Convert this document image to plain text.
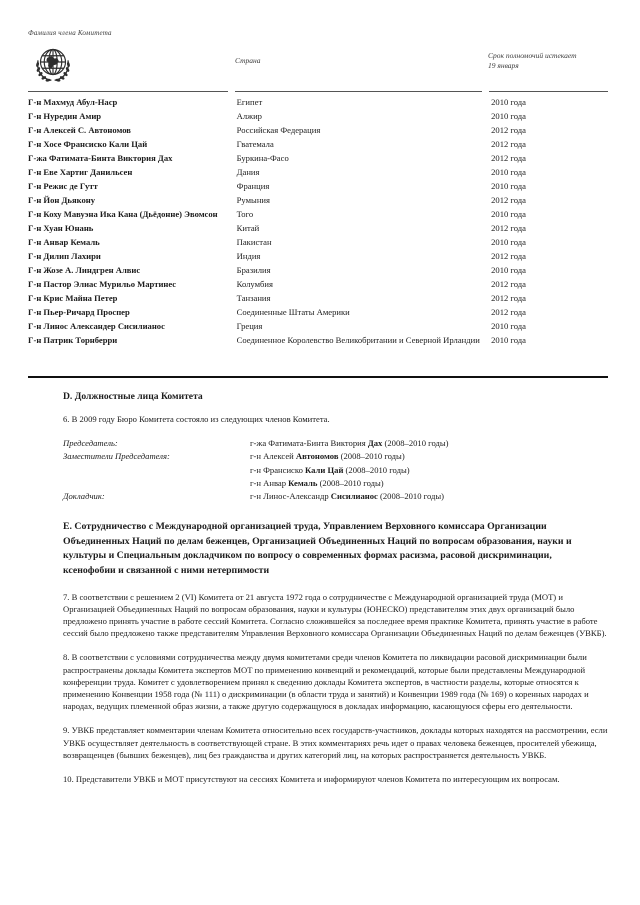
Фамилия члена Комитета
Страна
Срок полномочий истекает
19 января
Г-н Махмуд Абул-Наср	Египет	2010 года
Г-н Нуредин Амир	Алжир	2010 года
Г-н Алексей С. Автономов	Российская Федерация	2012 года
Г-н Хосе Франсиско Кали Цай	Гватемала	2012 года
Г-жа Фатимата-Бинта Виктория Дах	Буркина-Фасо	2012 года
Г-н Еве Хартиг Данильсен	Дания	2010 года
Г-н Режис де Гутт	Франция	2010 года
Г-н Йон Дьякону	Румыния	2012 года
Г-н Коху Мавуэна Ика Кана (Дьёдонне) Эвомсон	Того	2010 года
Г-н Хуан Юнань	Китай	2012 года
Г-н Анвар Кемаль	Пакистан	2010 года
Г-н Дилип Лахири	Индия	2012 года
Г-н Жозе А. Линдгрен Алвис	Бразилия	2010 года
Г-н Пастор Элиас Мурильо Мартинес	Колумбия	2012 года
Г-н Крис Майна Петер	Танзания	2012 года
Г-н Пьер-Ричард Проспер	Соединенные Штаты Америки	2012 года
Г-н Линос Александер Сисилианос	Греция	2010 года
Г-н Патрик Торнберри	Соединенное Королевство Великобритании и Северной Ирландии	2010 года
D. Должностные лица Комитета
6. В 2009 году Бюро Комитета состояло из следующих членов Комитета.
Председатель:	г-жа Фатимата-Бинта Виктория Дах (2008–2010 годы)
Заместители Председателя:	г-н Алексей Автономов (2008–2010 годы)
г-н Франсиско Кали Цай (2008–2010 годы)
г-н Анвар Кемаль (2008–2010 годы)
Докладчик:	г-н Линос-Александр Сисилианос (2008–2010 годы)
E. Сотрудничество с Международной организацией труда, Управлением Верховного комиссара Организации Объединенных Наций по делам беженцев, Организацией Объединенных Наций по вопросам образования, науки и культуры и Специальным докладчиком по вопросу о современных формах расизма, расовой дискриминации, ксенофобии и связанной с ними нетерпимости
7. В соответствии с решением 2 (VI) Комитета от 21 августа 1972 года о сотрудничестве с Международной организацией труда (МОТ) и Организацией Объединенных Наций по вопросам образования, науки и культуры (ЮНЕСКО) представителям этих двух организаций было предложено принять участие в работе сессий Комитета. Согласно сложившейся за последнее время практике Комитета, принять участие в работе сессий было предложено также представителям Управления Верховного комиссара Организации Объединенных Наций по делам беженцев (УВКБ).
8. В соответствии с условиями сотрудничества между двумя комитетами среди членов Комитета по ликвидации расовой дискриминации были распространены доклады Комитета экспертов МОТ по применению конвенций и рекомендаций, которые были представлены Международной конференции труда. Комитет с удовлетворением принял к сведению доклады Комитета экспертов, в частности разделы, которые относятся к применению Конвенции 1958 года (№ 111) о дискриминации (в области труда и занятий) и Конвенции 1989 года (№ 169) о коренных народах и народах, ведущих племенной образ жизни, а также другую содержащуюся в докладах информацию, касающуюся сферы его деятельности.
9. УВКБ представляет комментарии членам Комитета относительно всех государств-участников, доклады которых находятся на рассмотрении, если УВКБ осуществляет деятельность в соответствующей стране. В этих комментариях речь идет о правах человека беженцев, просителей убежища, возвращенцев (бывших беженцев), лиц без гражданства и других категорий лиц, на которых распространяется деятельность УВКБ.
10. Представители УВКБ и МОТ присутствуют на сессиях Комитета и информируют членов Комитета по интересующим их вопросам.
